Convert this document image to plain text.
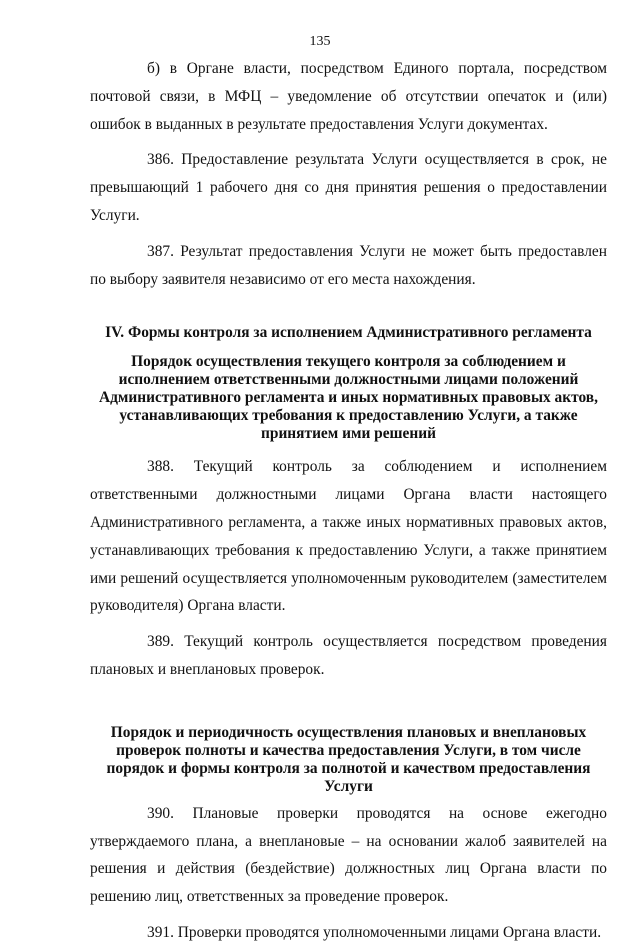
135

б) в Органе власти, посредством Единого портала, посредством почтовой связи, в МФЦ – уведомление об отсутствии опечаток и (или) ошибок в выданных в результате предоставления Услуги документах.

386. Предоставление результата Услуги осуществляется в срок, не превышающий 1 рабочего дня со дня принятия решения о предоставлении Услуги.

387. Результат предоставления Услуги не может быть предоставлен по выбору заявителя независимо от его места нахождения.

IV. Формы контроля за исполнением Административного регламента
Порядок осуществления текущего контроля за соблюдением и исполнением ответственными должностными лицами положений Административного регламента и иных нормативных правовых актов, устанавливающих требования к предоставлению Услуги, а также принятием ими решений

388. Текущий контроль за соблюдением и исполнением ответственными должностными лицами Органа власти настоящего Административного регламента, а также иных нормативных правовых актов, устанавливающих требования к предоставлению Услуги, а также принятием ими решений осуществляется уполномоченным руководителем (заместителем руководителя) Органа власти.

389. Текущий контроль осуществляется посредством проведения плановых и внеплановых проверок.

Порядок и периодичность осуществления плановых и внеплановых проверок полноты и качества предоставления Услуги, в том числе порядок и формы контроля за полнотой и качеством предоставления Услуги

390. Плановые проверки проводятся на основе ежегодно утверждаемого плана, а внеплановые – на основании жалоб заявителей на решения и действия (бездействие) должностных лиц Органа власти по решению лиц, ответственных за проведение проверок.

391. Проверки проводятся уполномоченными лицами Органа власти.
